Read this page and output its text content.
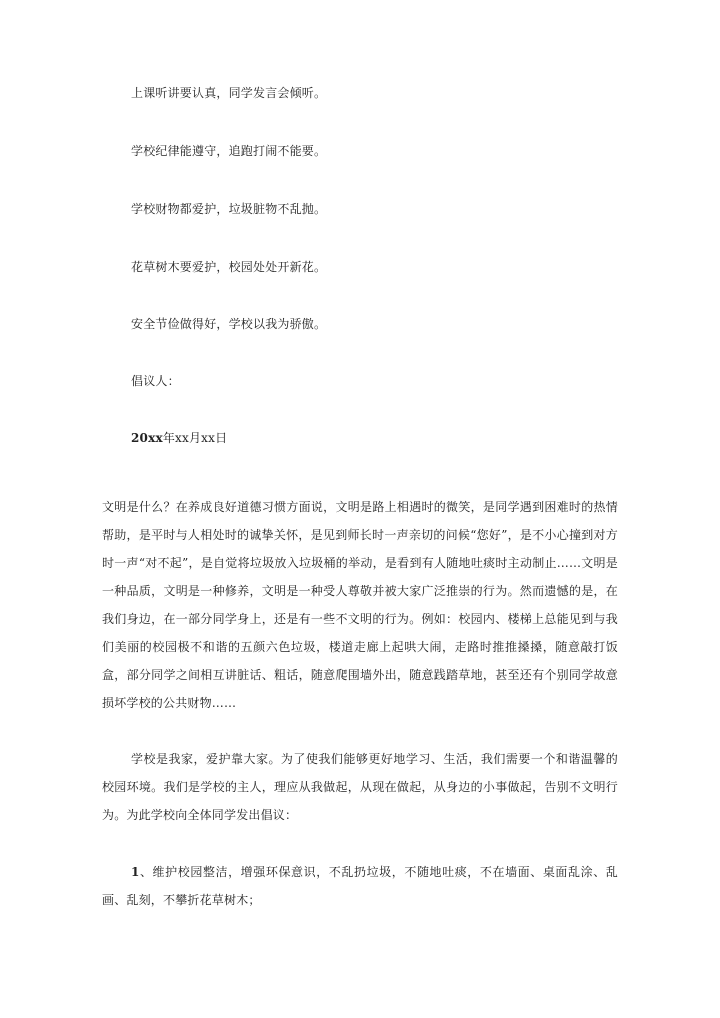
上课听讲要认真，同学发言会倾听。
学校纪律能遵守，追跑打闹不能要。
学校财物都爱护，垃圾脏物不乱抛。
花草树木要爱护，校园处处开新花。
安全节俭做得好，学校以我为骄傲。
倡议人：
20xx年xx月xx日
文明是什么？在养成良好道德习惯方面说，文明是路上相遇时的微笑，是同学遇到困难时的热情帮助，是平时与人相处时的诚挚关怀，是见到师长时一声亲切的问候“您好”，是不小心撞到对方时一声“对不起”，是自觉将垃圾放入垃圾桶的举动，是看到有人随地吐痰时主动制止……文明是一种品质，文明是一种修养，文明是一种受人尊敬并被大家广泛推崇的行为。然而遗憾的是，在我们身边，在一部分同学身上，还是有一些不文明的行为。例如：校园内、楼梯上总能见到与我们美丽的校园极不和谐的五颜六色垃圾，楼道走廊上起哄大闹，走路时推推搡搡，随意敲打饭盒，部分同学之间相互讲脏话、粗话，随意爬围墙外出，随意践踏草地，甚至还有个别同学故意损坏学校的公共财物……
学校是我家，爱护靠大家。为了使我们能够更好地学习、生活，我们需要一个和谐温馨的校园环境。我们是学校的主人，理应从我做起，从现在做起，从身边的小事做起，告别不文明行为。为此学校向全体同学发出倡议：
1、维护校园整洁，增强环保意识，不乱扔垃圾，不随地吐痰，不在墙面、桌面乱涂、乱画、乱刻，不攀折花草树木；
